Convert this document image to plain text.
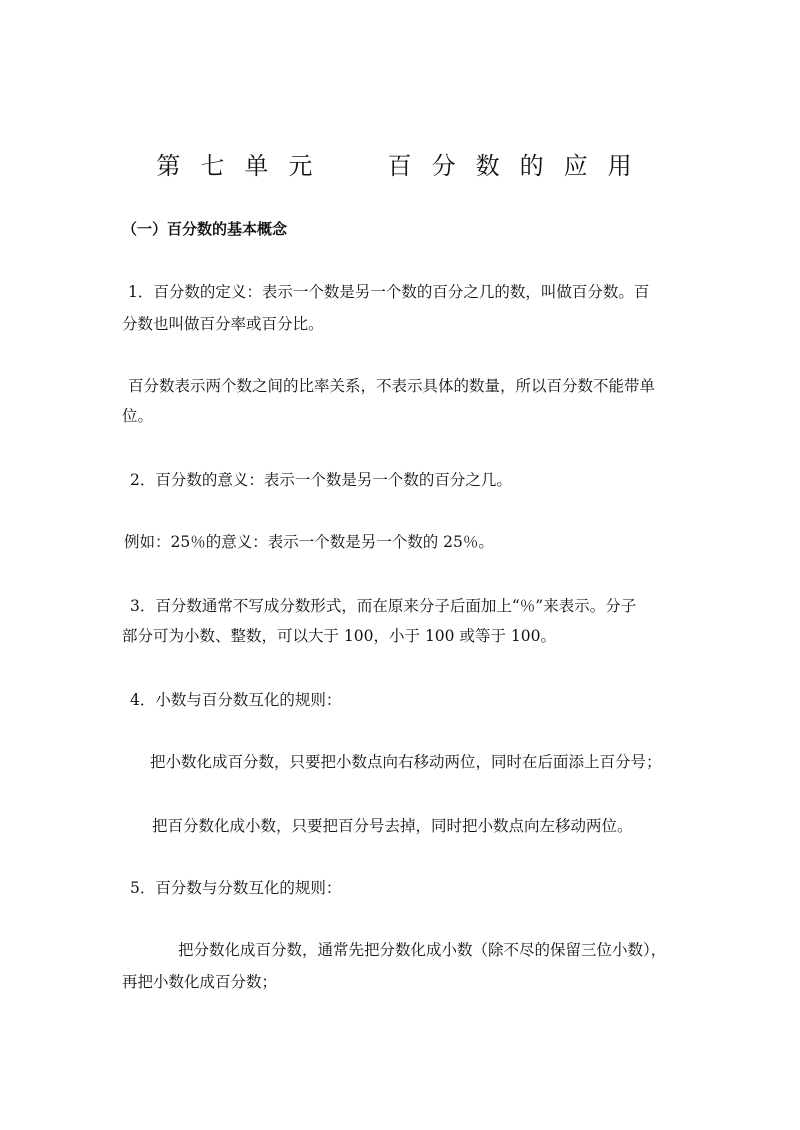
第七单元  百分数的应用
（一）百分数的基本概念

1．百分数的定义：表示一个数是另一个数的百分之几的数，叫做百分数。百

分数也叫做百分率或百分比。

百分数表示两个数之间的比率关系，不表示具体的数量，所以百分数不能带单

位。

2．百分数的意义：表示一个数是另一个数的百分之几。

例如：25％的意义：表示一个数是另一个数的 25％。

3．百分数通常不写成分数形式，而在原来分子后面加上“％”来表示。分子

部分可为小数、整数，可以大于 100，小于 100 或等于 100。

4．小数与百分数互化的规则：

把小数化成百分数，只要把小数点向右移动两位，同时在后面添上百分号；

把百分数化成小数，只要把百分号去掉，同时把小数点向左移动两位。

5．百分数与分数互化的规则：

把分数化成百分数，通常先把分数化成小数（除不尽的保留三位小数），

再把小数化成百分数；
